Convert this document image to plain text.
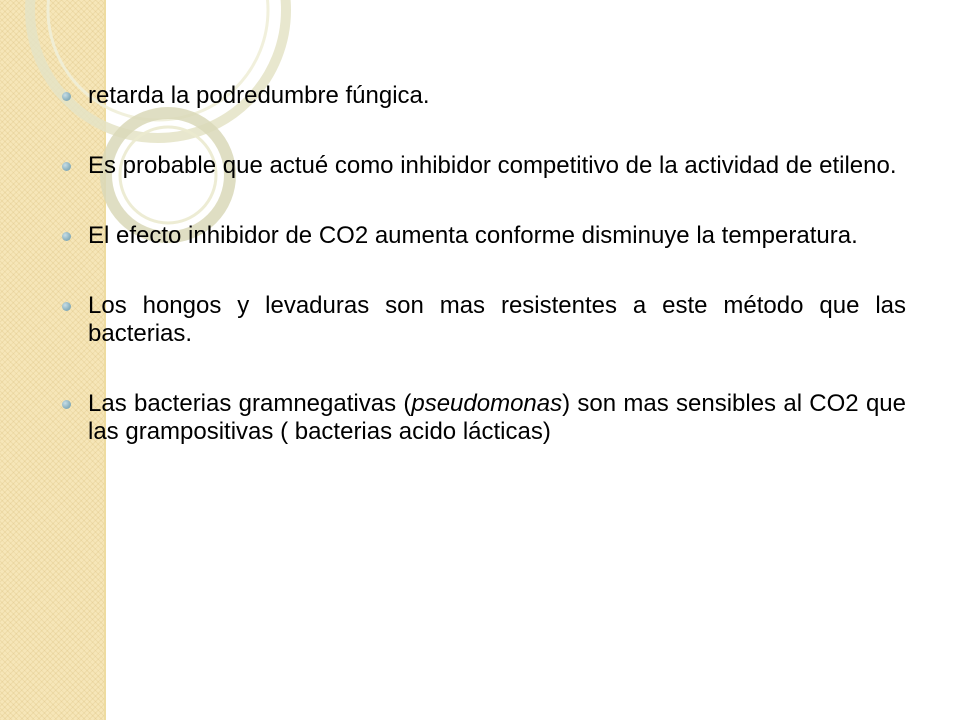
retarda la podredumbre fúngica.
Es probable que actué como inhibidor competitivo de la actividad de etileno.
El efecto inhibidor de CO2 aumenta conforme disminuye la temperatura.
Los hongos y levaduras son mas resistentes a este método que las bacterias.
Las bacterias gramnegativas (pseudomonas) son mas sensibles al CO2 que las grampositivas ( bacterias acido lácticas)
